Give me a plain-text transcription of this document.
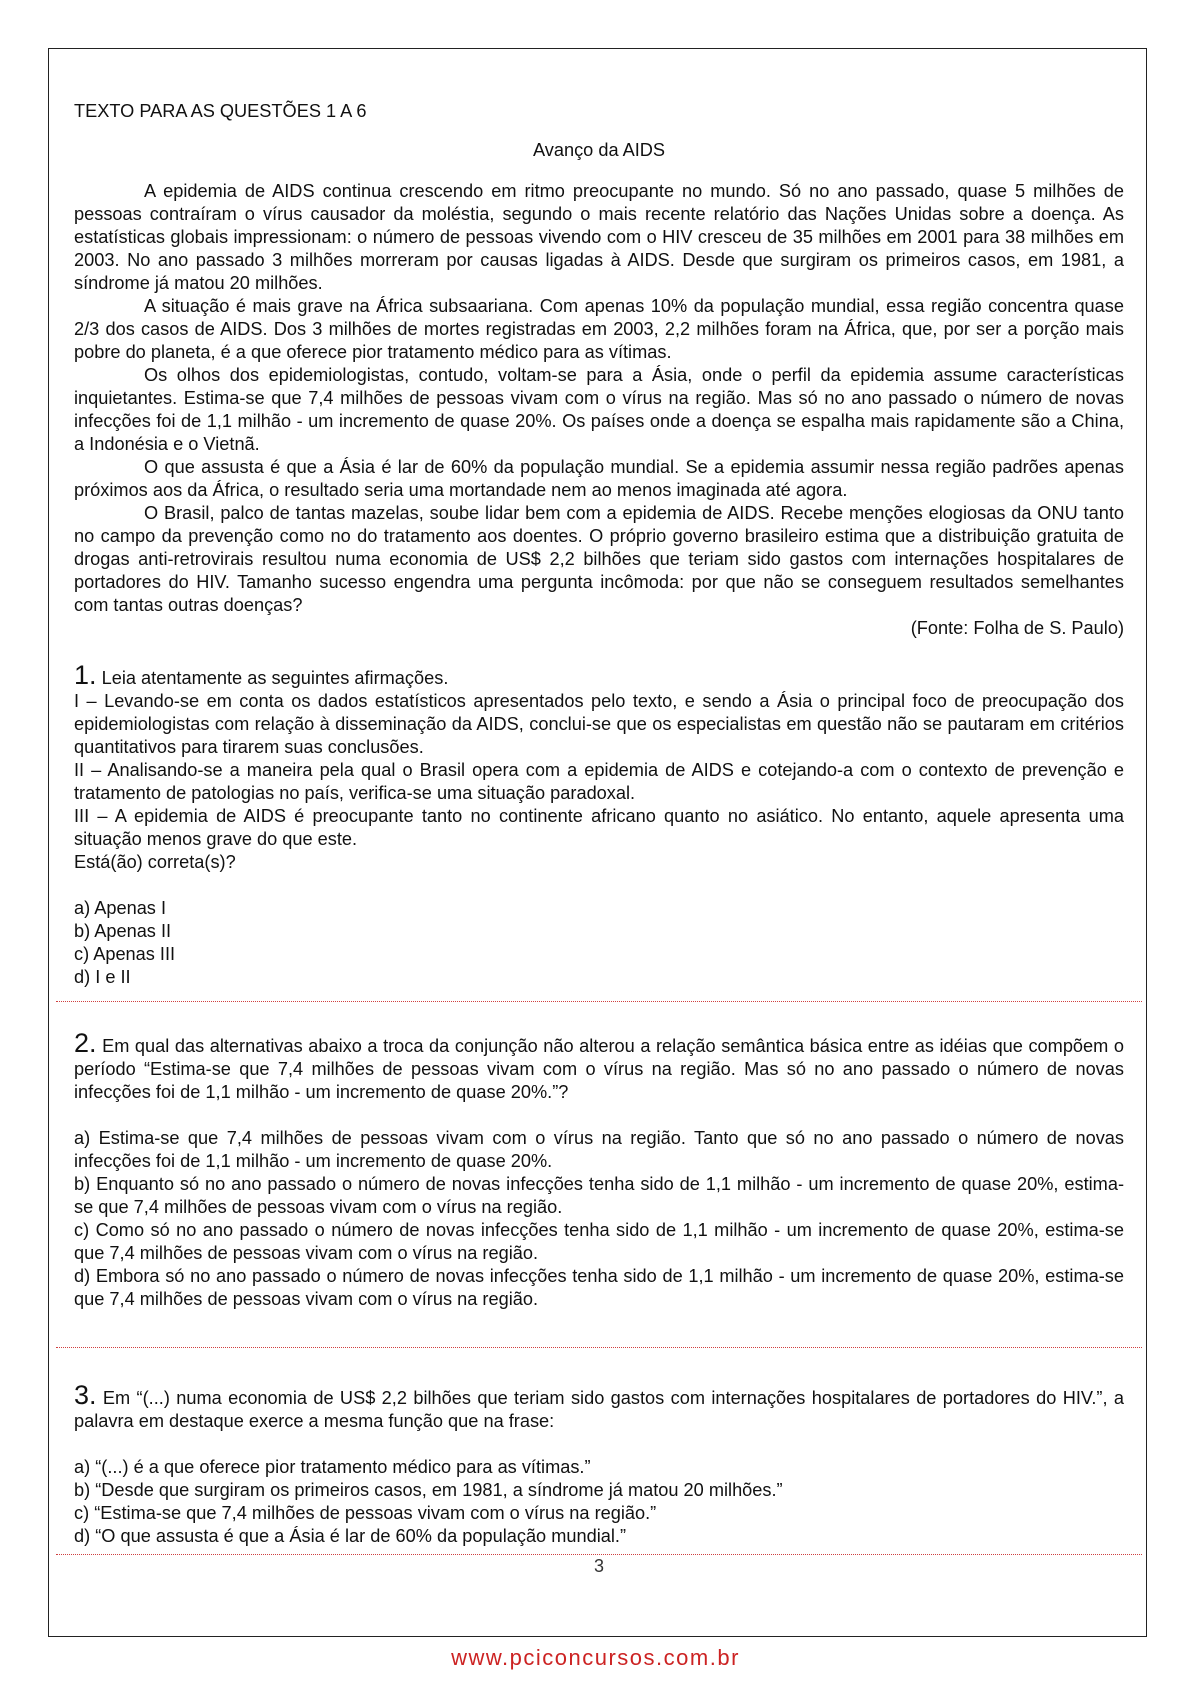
TEXTO PARA AS QUESTÕES 1 A 6

Avanço da AIDS

A epidemia de AIDS continua crescendo em ritmo preocupante no mundo. Só no ano passado, quase 5 milhões de pessoas contraíram o vírus causador da moléstia, segundo o mais recente relatório das Nações Unidas sobre a doença. As estatísticas globais impressionam: o número de pessoas vivendo com o HIV cresceu de 35 milhões em 2001 para 38 milhões em 2003. No ano passado 3 milhões morreram por causas ligadas à AIDS. Desde que surgiram os primeiros casos, em 1981, a síndrome já matou 20 milhões.

A situação é mais grave na África subsaariana. Com apenas 10% da população mundial, essa região concentra quase 2/3 dos casos de AIDS. Dos 3 milhões de mortes registradas em 2003, 2,2 milhões foram na África, que, por ser a porção mais pobre do planeta, é a que oferece pior tratamento médico para as vítimas.

Os olhos dos epidemiologistas, contudo, voltam-se para a Ásia, onde o perfil da epidemia assume características inquietantes. Estima-se que 7,4 milhões de pessoas vivam com o vírus na região. Mas só no ano passado o número de novas infecções foi de 1,1 milhão - um incremento de quase 20%. Os países onde a doença se espalha mais rapidamente são a China, a Indonésia e o Vietnã.

O que assusta é que a Ásia é lar de 60% da população mundial. Se a epidemia assumir nessa região padrões apenas próximos aos da África, o resultado seria uma mortandade nem ao menos imaginada até agora.

O Brasil, palco de tantas mazelas, soube lidar bem com a epidemia de AIDS. Recebe menções elogiosas da ONU tanto no campo da prevenção como no do tratamento aos doentes. O próprio governo brasileiro estima que a distribuição gratuita de drogas anti-retrovirais resultou numa economia de US$ 2,2 bilhões que teriam sido gastos com internações hospitalares de portadores do HIV. Tamanho sucesso engendra uma pergunta incômoda: por que não se conseguem resultados semelhantes com tantas outras doenças?

(Fonte: Folha de S. Paulo)

1. Leia atentamente as seguintes afirmações.

I – Levando-se em conta os dados estatísticos apresentados pelo texto, e sendo a Ásia o principal foco de preocupação dos epidemiologistas com relação à disseminação da AIDS, conclui-se que os especialistas em questão não se pautaram em critérios quantitativos para tirarem suas conclusões.

II – Analisando-se a maneira pela qual o Brasil opera com a epidemia de AIDS e cotejando-a com o contexto de prevenção e tratamento de patologias no país, verifica-se uma situação paradoxal.

III – A epidemia de AIDS é preocupante tanto no continente africano quanto no asiático. No entanto, aquele apresenta uma situação menos grave do que este.

Está(ão) correta(s)?

a) Apenas I

b) Apenas II

c) Apenas III

d) I e II

2. Em qual das alternativas abaixo a troca da conjunção não alterou a relação semântica básica entre as idéias que compõem o período “Estima-se que 7,4 milhões de pessoas vivam com o vírus na região. Mas só no ano passado o número de novas infecções foi de 1,1 milhão - um incremento de quase 20%.”?

a) Estima-se que 7,4 milhões de pessoas vivam com o vírus na região. Tanto que só no ano passado o número de novas infecções foi de 1,1 milhão - um incremento de quase 20%.

b) Enquanto só no ano passado o número de novas infecções tenha sido de 1,1 milhão - um incremento de quase 20%, estima-se que 7,4 milhões de pessoas vivam com o vírus na região.

c) Como só no ano passado o número de novas infecções tenha sido de 1,1 milhão - um incremento de quase 20%, estima-se que 7,4 milhões de pessoas vivam com o vírus na região.

d) Embora só no ano passado o número de novas infecções tenha sido de 1,1 milhão - um incremento de quase 20%, estima-se que 7,4 milhões de pessoas vivam com o vírus na região.

3. Em “(...) numa economia de US$ 2,2 bilhões que teriam sido gastos com internações hospitalares de portadores do HIV.”, a palavra em destaque exerce a mesma função que na frase:

a) “(...) é a que oferece pior tratamento médico para as vítimas.”

b) “Desde que surgiram os primeiros casos, em 1981, a síndrome já matou 20 milhões.”

c) “Estima-se que 7,4 milhões de pessoas vivam com o vírus na região.”

d) “O que assusta é que a Ásia é lar de 60% da população mundial.”

3

www.pciconcursos.com.br
